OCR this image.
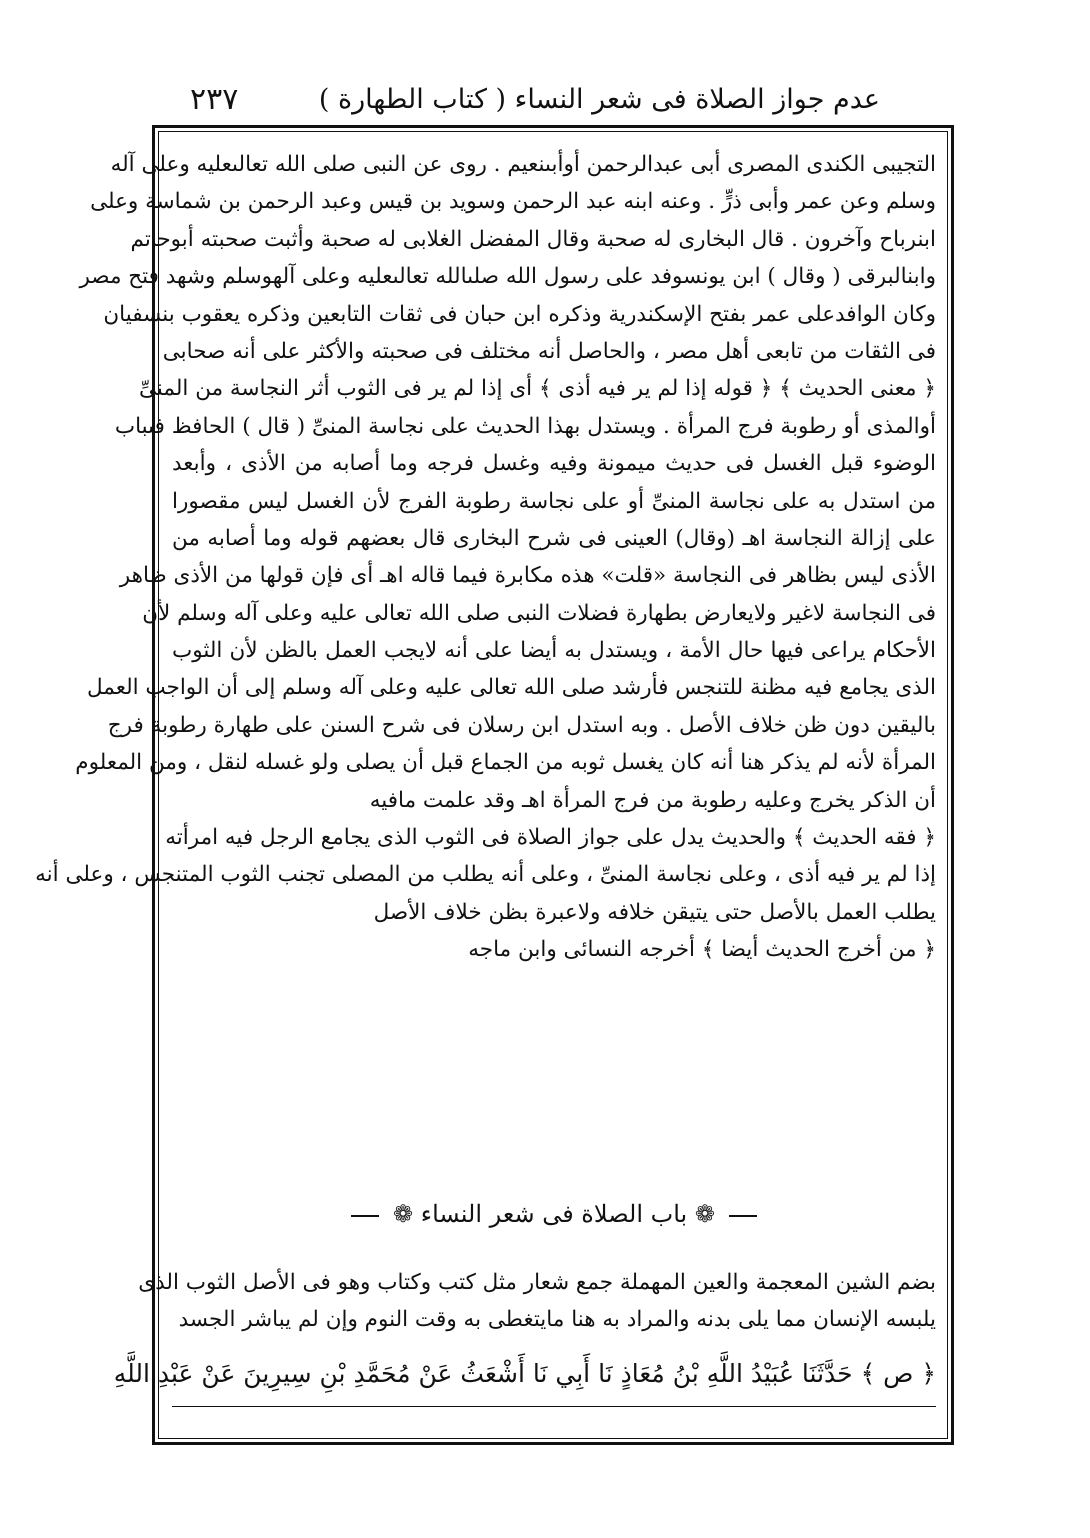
٢٣٧	( كتاب الطهارة ) عدم جواز الصلاة فى شعر النساء
التجيبى الكندى المصرى أبى عبدالرحمن أوأبىنعيم . روى عن النبى صلى الله تعالىعليه وعلى آله
وسلم وعن عمر وأبى ذرٍّ . وعنه ابنه عبد الرحمن وسويد بن قيس وعبد الرحمن بن شماسة وعلى
ابنرباح وآخرون . قال البخارى له صحبة وقال المفضل الغلابى له صحبة وأثبت صحبته أبوحاتم
وابنالبرقى ( وقال ) ابن يونسوفد على رسول الله صلىالله تعالىعليه وعلى آلهوسلم وشهد فتح مصر
وكان الوافدعلى عمر بفتح الإسكندرية وذكره ابن حبان فى ثقات التابعين وذكره يعقوب بنسفيان
فى الثقات من تابعى أهل مصر ، والحاصل أنه مختلف فى صحبته والأكثر على أنه صحابى
﴿ معنى الحديث ﴾ ﴿ قوله إذا لم ير فيه أذى ﴾ أى إذا لم ير فى الثوب أثر النجاسة من المنىِّ
أوالمذى أو رطوبة فرج المرأة . ويستدل بهذا الحديث على نجاسة المنىِّ ( قال ) الحافظ فىباب
الوضوء قبل الغسل فى حديث ميمونة وفيه وغسل فرجه وما أصابه من الأذى ، وأبعد
من استدل به على نجاسة المنىِّ أو على نجاسة رطوبة الفرج لأن الغسل ليس مقصورا
على إزالة النجاسة اهـ (وقال) العينى فى شرح البخارى قال بعضهم قوله وما أصابه من
الأذى ليس بظاهر فى النجاسة «قلت» هذه مكابرة فيما قاله اهـ أى فإن قولها من الأذى ظاهر
فى النجاسة لاغير ولايعارض بطهارة فضلات النبى صلى الله تعالى عليه وعلى آله وسلم لأن
الأحكام يراعى فيها حال الأمة ، ويستدل به أيضا على أنه لايجب العمل بالظن لأن الثوب
الذى يجامع فيه مظنة للتنجس فأرشد صلى الله تعالى عليه وعلى آله وسلم إلى أن الواجب العمل
باليقين دون ظن خلاف الأصل . وبه استدل ابن رسلان فى شرح السنن على طهارة رطوبة فرج
المرأة لأنه لم يذكر هنا أنه كان يغسل ثوبه من الجماع قبل أن يصلى ولو غسله لنقل ، ومن المعلوم
أن الذكر يخرج وعليه رطوبة من فرج المرأة اهـ وقد علمت مافيه
﴿ فقه الحديث ﴾ والحديث يدل على جواز الصلاة فى الثوب الذى يجامع الرجل فيه امرأته
إذا لم ير فيه أذى ، وعلى نجاسة المنىِّ ، وعلى أنه يطلب من المصلى تجنب الثوب المتنجس ، وعلى أنه
يطلب العمل بالأصل حتى يتيقن خلافه ولاعبرة بظن خلاف الأصل
﴿ من أخرج الحديث أيضا ﴾ أخرجه النسائى وابن ماجه
❁ باب الصلاة فى شعر النساء ❁
بضم الشين المعجمة والعين المهملة جمع شعار مثل كتب وكتاب وهو فى الأصل الثوب الذى
يلبسه الإنسان مما يلى بدنه والمراد به هنا مايتغطى به وقت النوم وإن لم يباشر الجسد
﴿ ص ﴾ حَدَّثَنَا عُبَيْدُ اللَّهِ بْنُ مُعَاذٍ نَا أَبِي نَا أَشْعَثُ عَنْ مُحَمَّدِ بْنِ سِيرِينَ عَنْ عَبْدِ اللَّهِ
